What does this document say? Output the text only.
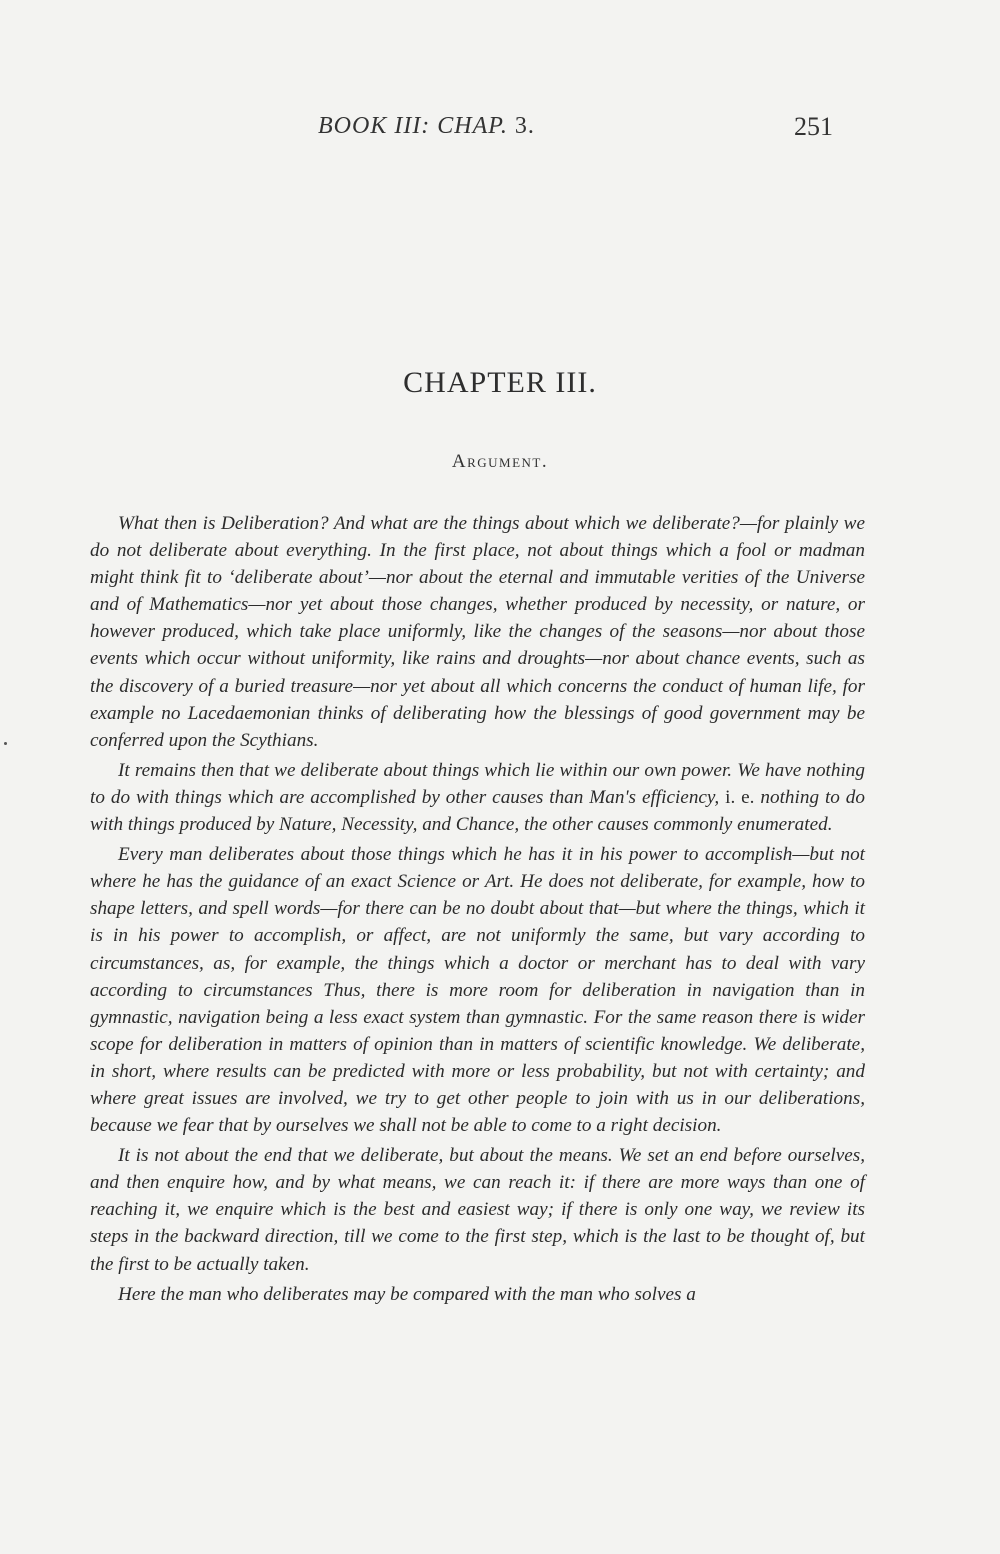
BOOK III: CHAP. 3.	251
CHAPTER III.
Argument.

What then is Deliberation? And what are the things about which we deliberate?—for plainly we do not deliberate about everything. In the first place, not about things which a fool or madman might think fit to ‘deliberate about’—nor about the eternal and immutable verities of the Universe and of Mathematics—nor yet about those changes, whether produced by necessity, or nature, or however produced, which take place uniformly, like the changes of the seasons—nor about those events which occur without uniformity, like rains and droughts—nor about chance events, such as the discovery of a buried treasure—nor yet about all which concerns the conduct of human life, for example no Lacedaemonian thinks of deliberating how the blessings of good government may be conferred upon the Scythians.

It remains then that we deliberate about things which lie within our own power. We have nothing to do with things which are accomplished by other causes than Man's efficiency, i. e. nothing to do with things produced by Nature, Necessity, and Chance, the other causes commonly enumerated.

Every man deliberates about those things which he has it in his power to accomplish—but not where he has the guidance of an exact Science or Art. He does not deliberate, for example, how to shape letters, and spell words—for there can be no doubt about that—but where the things, which it is in his power to accomplish, or affect, are not uniformly the same, but vary according to circumstances, as, for example, the things which a doctor or merchant has to deal with vary according to circumstances Thus, there is more room for deliberation in navigation than in gymnastic, navigation being a less exact system than gymnastic. For the same reason there is wider scope for deliberation in matters of opinion than in matters of scientific knowledge. We deliberate, in short, where results can be predicted with more or less probability, but not with certainty; and where great issues are involved, we try to get other people to join with us in our deliberations, because we fear that by ourselves we shall not be able to come to a right decision.

It is not about the end that we deliberate, but about the means. We set an end before ourselves, and then enquire how, and by what means, we can reach it: if there are more ways than one of reaching it, we enquire which is the best and easiest way; if there is only one way, we review its steps in the backward direction, till we come to the first step, which is the last to be thought of, but the first to be actually taken.

Here the man who deliberates may be compared with the man who solves a
